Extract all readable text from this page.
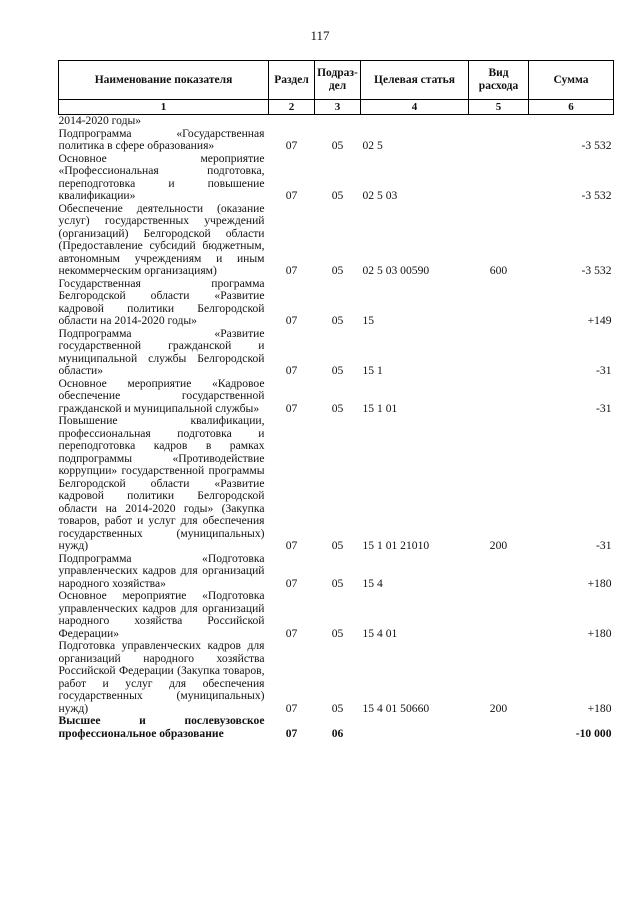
117
Наименование показателя	Раздел	Подраз-дел	Целевая статья	Вид расхода	Сумма
1	2	3	4	5	6
2014-2020 годы»					
Подпрограмма «Государственная политика в сфере образования»	07	05	02 5		-3 532
Основное мероприятие «Профессиональная подготовка, переподготовка и повышение квалификации»	07	05	02 5 03		-3 532
Обеспечение деятельности (оказание услуг) государственных учреждений (организаций) Белгородской области (Предоставление субсидий бюджетным, автономным учреждениям и иным некоммерческим организациям)	07	05	02 5 03 00590	600	-3 532
Государственная программа Белгородской области «Развитие кадровой политики Белгородской области на 2014-2020 годы»	07	05	15		+149
Подпрограмма «Развитие государственной гражданской и муниципальной службы Белгородской области»	07	05	15 1		-31
Основное мероприятие «Кадровое обеспечение государственной гражданской и муниципальной службы»	07	05	15 1 01		-31
Повышение квалификации, профессиональная подготовка и переподготовка кадров в рамках подпрограммы «Противодействие коррупции» государственной программы Белгородской области «Развитие кадровой политики Белгородской области на 2014-2020 годы» (Закупка товаров, работ и услуг для обеспечения государственных (муниципальных) нужд)	07	05	15 1 01 21010	200	-31
Подпрограмма «Подготовка управленческих кадров для организаций народного хозяйства»	07	05	15 4		+180
Основное мероприятие «Подготовка управленческих кадров для организаций народного хозяйства Российской Федерации»	07	05	15 4 01		+180
Подготовка управленческих кадров для организаций народного хозяйства Российской Федерации (Закупка товаров, работ и услуг для обеспечения государственных (муниципальных) нужд)	07	05	15 4 01 50660	200	+180
Высшее и послевузовское профессиональное образование	07	06			-10 000
